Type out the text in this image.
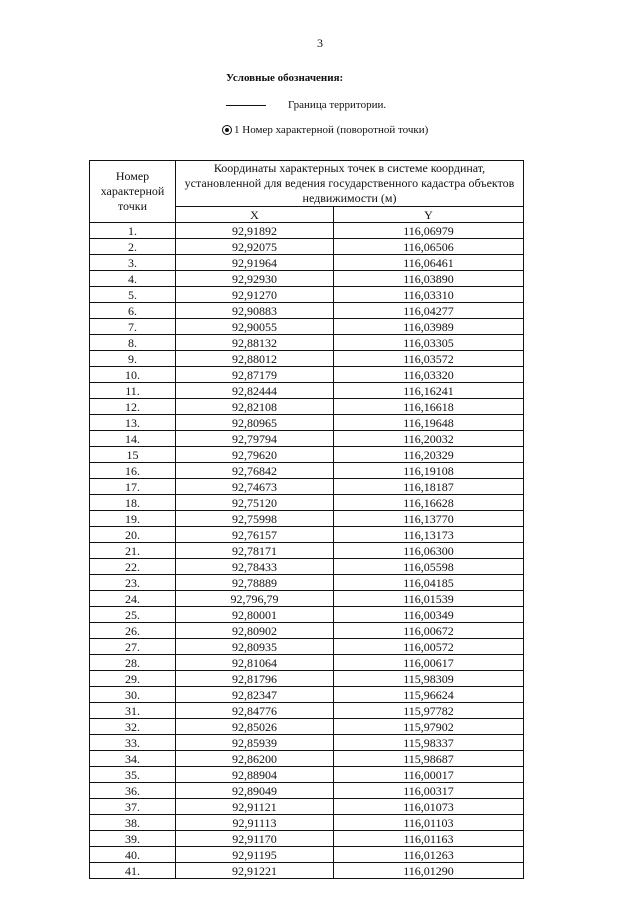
3
Условные обозначения:
Граница территории.
1 Номер характерной (поворотной точки)
Номер характерной точки	Координаты характерных точек в системе координат, установленной для ведения государственного кадастра объектов недвижимости (м)	
	X	Y
1.	92,91892	116,06979
2.	92,92075	116,06506
3.	92,91964	116,06461
4.	92,92930	116,03890
5.	92,91270	116,03310
6.	92,90883	116,04277
7.	92,90055	116,03989
8.	92,88132	116,03305
9.	92,88012	116,03572
10.	92,87179	116,03320
11.	92,82444	116,16241
12.	92,82108	116,16618
13.	92,80965	116,19648
14.	92,79794	116,20032
15	92,79620	116,20329
16.	92,76842	116,19108
17.	92,74673	116,18187
18.	92,75120	116,16628
19.	92,75998	116,13770
20.	92,76157	116,13173
21.	92,78171	116,06300
22.	92,78433	116,05598
23.	92,78889	116,04185
24.	92,796,79	116,01539
25.	92,80001	116,00349
26.	92,80902	116,00672
27.	92,80935	116,00572
28.	92,81064	116,00617
29.	92,81796	115,98309
30.	92,82347	115,96624
31.	92,84776	115,97782
32.	92,85026	115,97902
33.	92,85939	115,98337
34.	92,86200	115,98687
35.	92,88904	116,00017
36.	92,89049	116,00317
37.	92,91121	116,01073
38.	92,91113	116,01103
39.	92,91170	116,01163
40.	92,91195	116,01263
41.	92,91221	116,01290
